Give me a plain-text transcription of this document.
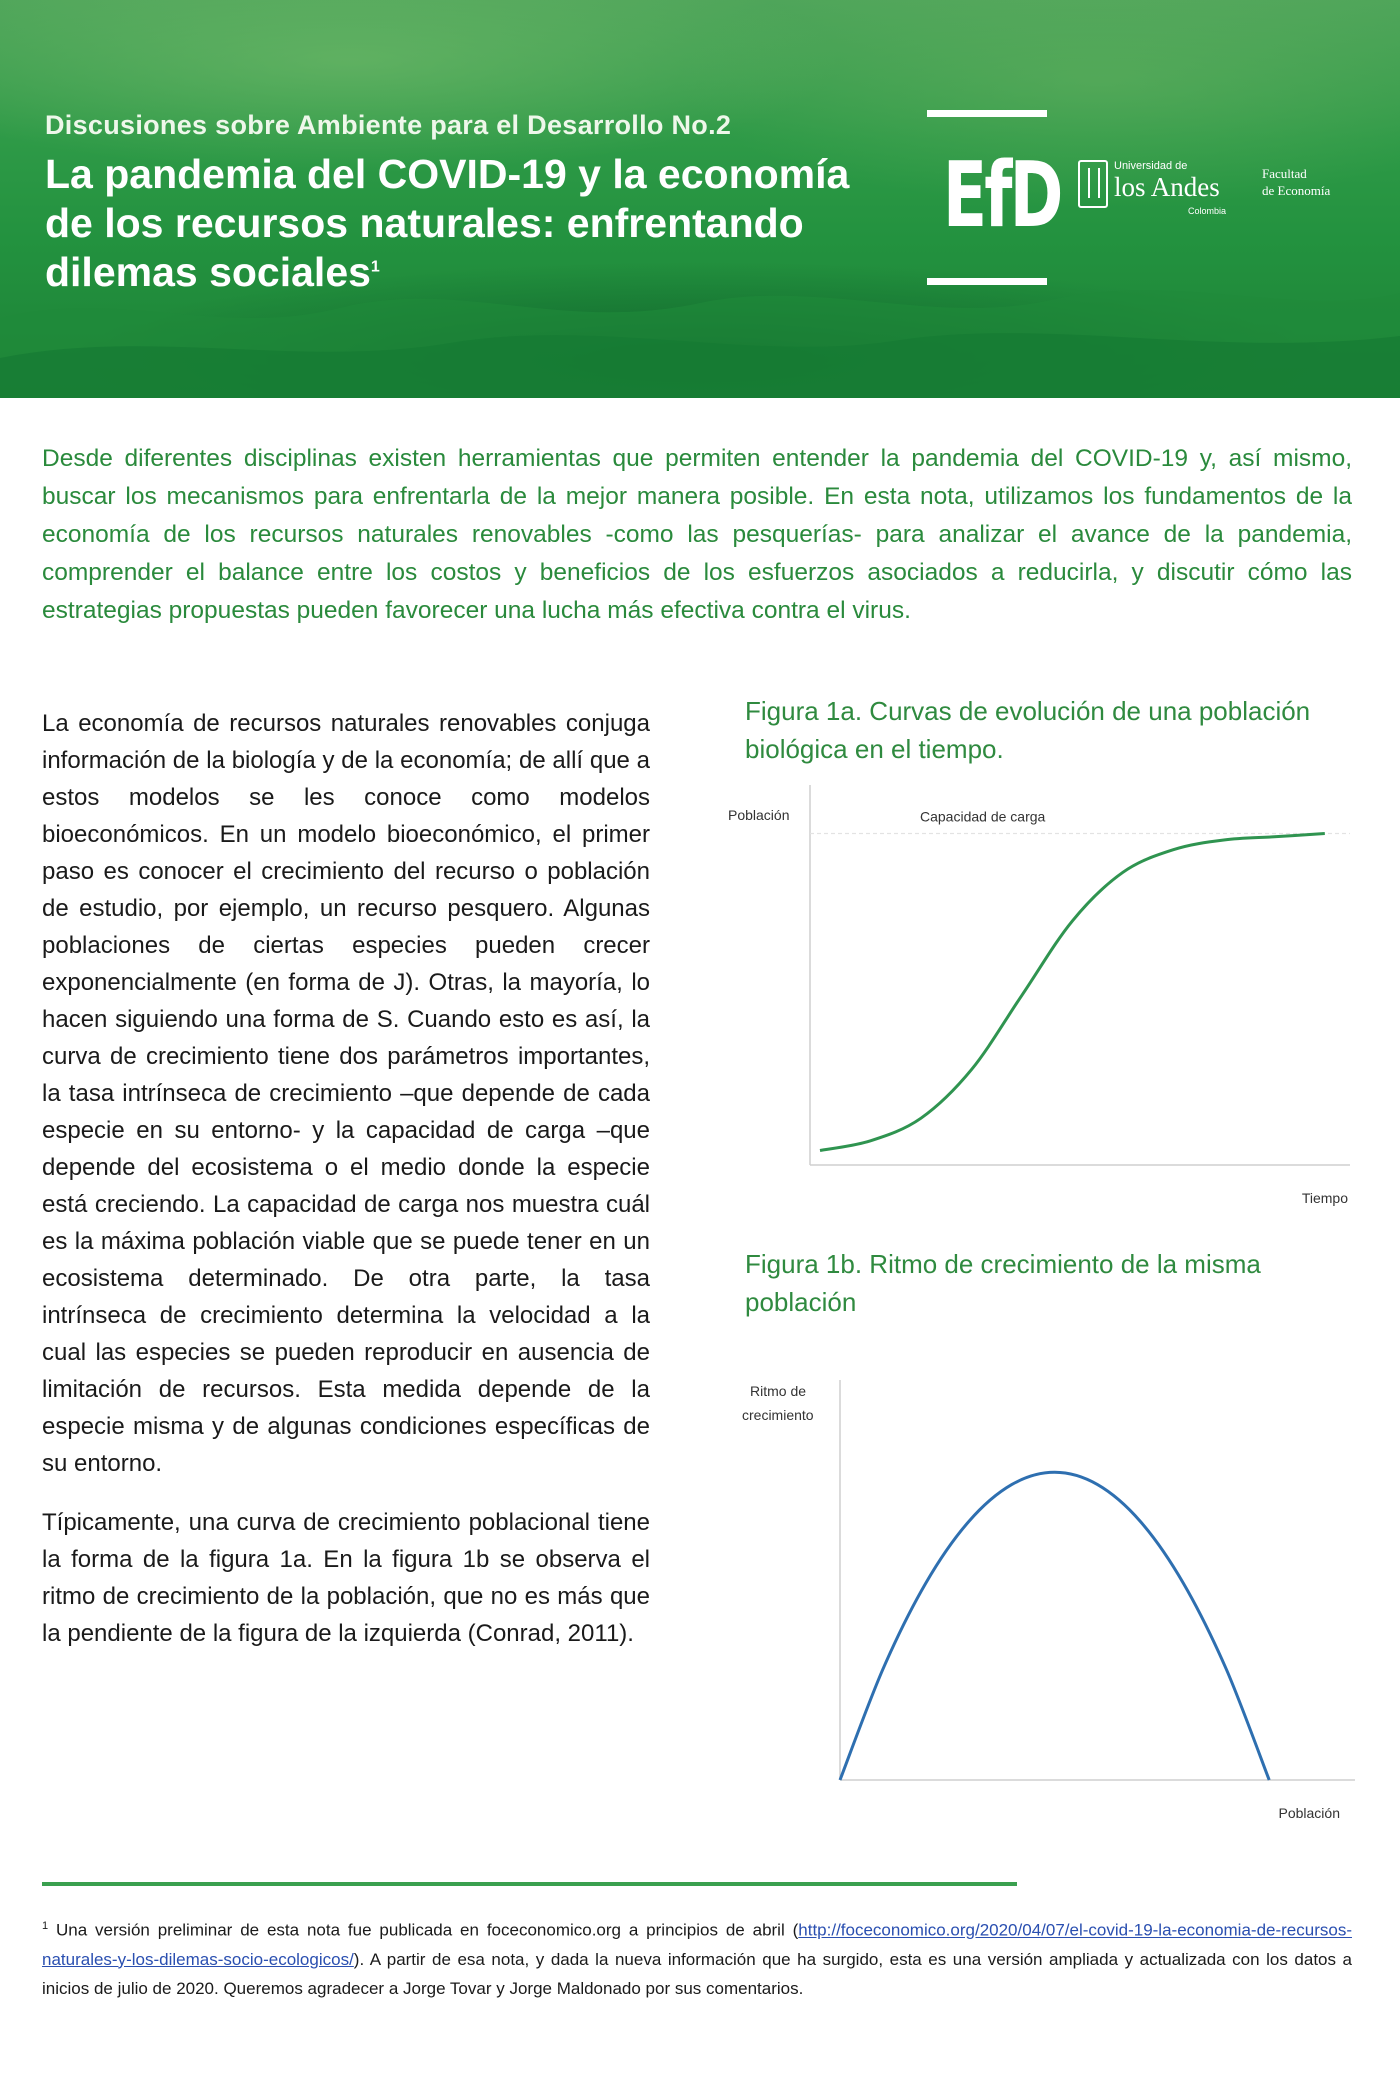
Discusiones sobre Ambiente para el Desarrollo No.2
La pandemia del COVID-19 y la economía de los recursos naturales: enfrentando dilemas sociales$^1$
EfD	Universidad de
los Andes
Colombia
Facultad
de Economía
Desde diferentes disciplinas existen herramientas que permiten entender la pandemia del COVID-19 y, así mismo, buscar los mecanismos para enfrentarla de la mejor manera posible. En esta nota, utilizamos los fundamentos de la economía de los recursos naturales renovables -como las pesquerías- para analizar el avance de la pandemia, comprender el balance entre los costos y beneficios de los esfuerzos asociados a reducirla, y discutir cómo las estrategias propuestas pueden favorecer una lucha más efectiva contra el virus.

La economía de recursos naturales renovables conjuga información de la biología y de la economía; de allí que a estos modelos se les conoce como modelos bioeconómicos. En un modelo bioeconómico, el primer paso es conocer el crecimiento del recurso o población de estudio, por ejemplo, un recurso pesquero. Algunas poblaciones de ciertas especies pueden crecer exponencialmente (en forma de J). Otras, la mayoría, lo hacen siguiendo una forma de S. Cuando esto es así, la curva de crecimiento tiene dos parámetros importantes, la tasa intrínseca de crecimiento –que depende de cada especie en su entorno- y la capacidad de carga –que depende del ecosistema o el medio donde la especie está creciendo. La capacidad de carga nos muestra cuál es la máxima población viable que se puede tener en un ecosistema determinado. De otra parte, la tasa intrínseca de crecimiento determina la velocidad a la cual las especies se pueden reproducir en ausencia de limitación de recursos. Esta medida depende de la especie misma y de algunas condiciones específicas de su entorno.

Típicamente, una curva de crecimiento poblacional tiene la forma de la figura 1a. En la figura 1b se observa el ritmo de crecimiento de la población, que no es más que la pendiente de la figura de la izquierda (Conrad, 2011).

Figura 1a. Curvas de evolución de una población biológica en el tiempo.
Población
Tiempo
Capacidad de carga
Figura 1b. Ritmo de crecimiento de la misma población
Ritmo de crecimiento
Población
$^1$ Una versión preliminar de esta nota fue publicada en foceconomico.org a principios de abril (http://foceconomico.org/2020/04/07/el-covid-19-la-economia-de-recursos-naturales-y-los-dilemas-socio-ecologicos/). A partir de esa nota, y dada la nueva información que ha surgido, esta es una versión ampliada y actualizada con los datos a inicios de julio de 2020. Queremos agradecer a Jorge Tovar y Jorge Maldonado por sus comentarios.
